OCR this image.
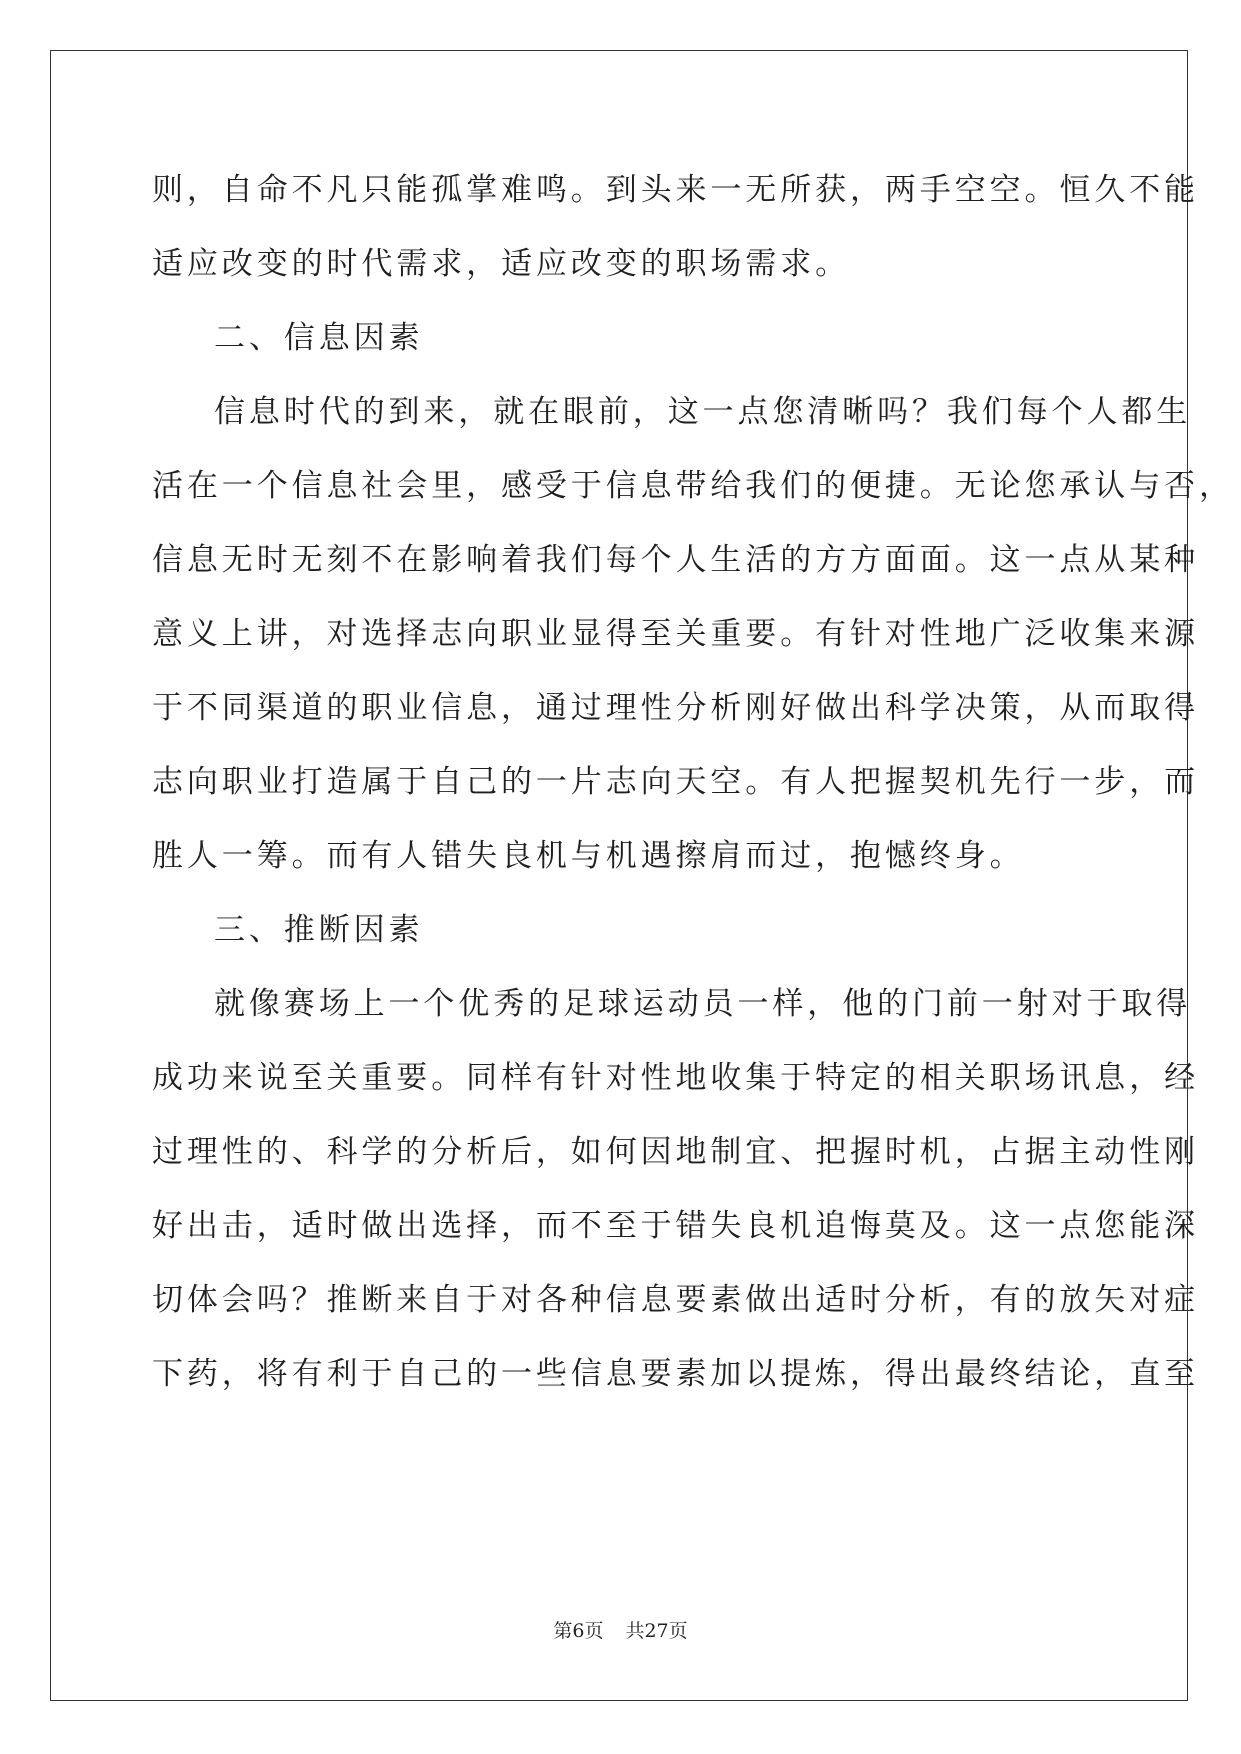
则，自命不凡只能孤掌难鸣。到头来一无所获，两手空空。恒久不能
适应改变的时代需求，适应改变的职场需求。
二、信息因素
信息时代的到来，就在眼前，这一点您清晰吗？我们每个人都生
活在一个信息社会里，感受于信息带给我们的便捷。无论您承认与否，
信息无时无刻不在影响着我们每个人生活的方方面面。这一点从某种
意义上讲，对选择志向职业显得至关重要。有针对性地广泛收集来源
于不同渠道的职业信息，通过理性分析刚好做出科学决策，从而取得
志向职业打造属于自己的一片志向天空。有人把握契机先行一步，而
胜人一筹。而有人错失良机与机遇擦肩而过，抱憾终身。
三、推断因素
就像赛场上一个优秀的足球运动员一样，他的门前一射对于取得
成功来说至关重要。同样有针对性地收集于特定的相关职场讯息，经
过理性的、科学的分析后，如何因地制宜、把握时机，占据主动性刚
好出击，适时做出选择，而不至于错失良机追悔莫及。这一点您能深
切体会吗？推断来自于对各种信息要素做出适时分析，有的放矢对症
下药，将有利于自己的一些信息要素加以提炼，得出最终结论，直至
第6页 共27页
